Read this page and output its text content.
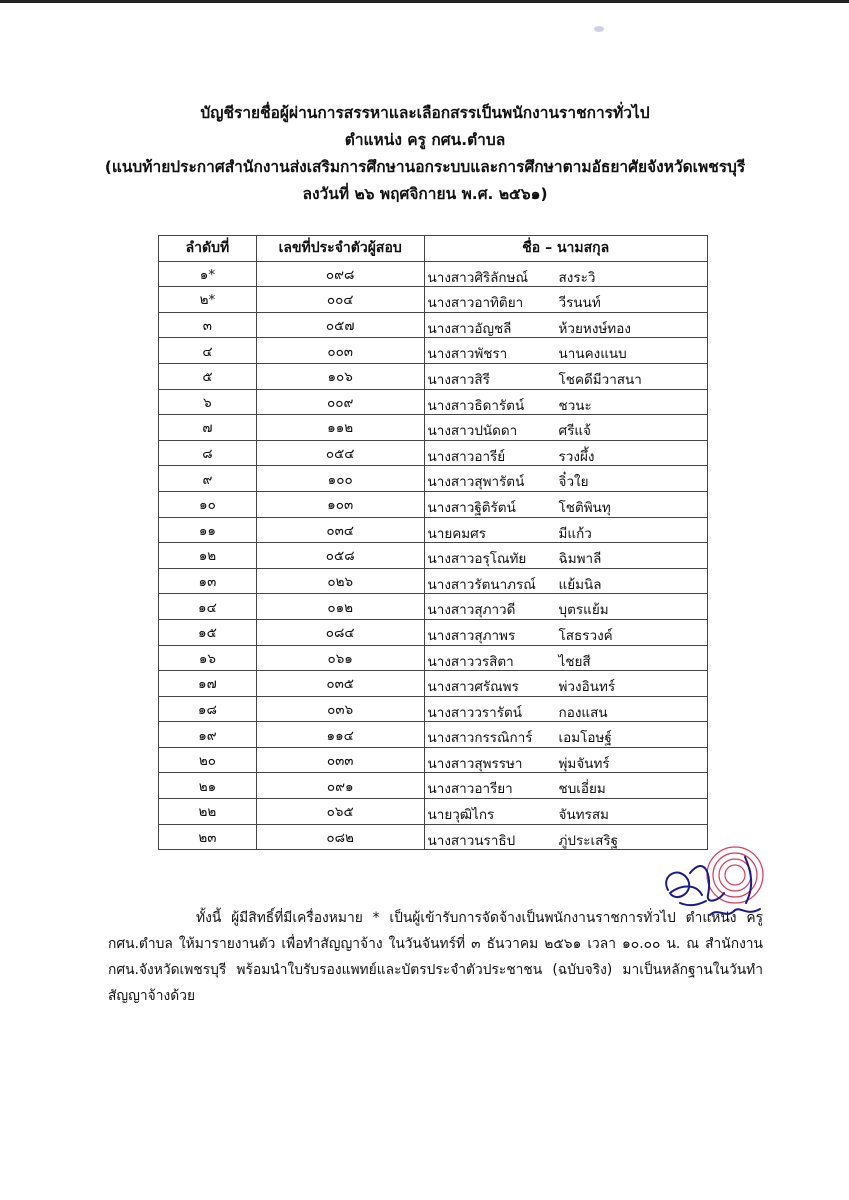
บัญชีรายชื่อผู้ผ่านการสรรหาและเลือกสรรเป็นพนักงานราชการทั่วไป
ตำแหน่ง ครู กศน.ตำบล
(แนบท้ายประกาศสำนักงานส่งเสริมการศึกษานอกระบบและการศึกษาตามอัธยาศัยจังหวัดเพชรบุรี
ลงวันที่ ๒๖ พฤศจิกายน พ.ศ. ๒๕๖๑)
ลำดับที่	เลขที่ประจำตัวผู้สอบ	ชื่อ – นามสกุล
๑*	๐๙๘	นางสาวศิริลักษณ์ สงระวิ

๒*	๐๐๔	นางสาวอาทิติยา วีรนนท์

๓	๐๕๗	นางสาวอัญชลี ห้วยหงษ์ทอง

๔	๐๐๓	นางสาวพัชรา นานคงแนบ

๕	๑๐๖	นางสาวสิรี โชคดีมีวาสนา

๖	๐๐๙	นางสาวธิดารัตน์ ชวนะ

๗	๑๑๒	นางสาวปนัดดา ศรีแจ้

๘	๐๕๔	นางสาวอารีย์ รวงผึ้ง

๙	๑๐๐	นางสาวสุพารัตน์ จิ๋วใย

๑๐	๑๐๓	นางสาวฐิติรัตน์ โชติพินทุ

๑๑	๐๓๔	นายคมศร มีแก้ว

๑๒	๐๕๘	นางสาวอรุโณทัย ฉิมพาลี

๑๓	๐๒๖	นางสาวรัตนาภรณ์ แย้มนิล

๑๔	๐๑๒	นางสาวสุภาวดี บุตรแย้ม

๑๕	๐๘๔	นางสาวสุภาพร โสธรวงค์

๑๖	๐๖๑	นางสาววรสิตา ไชยสี

๑๗	๐๓๕	นางสาวศรัณพร พ่วงอินทร์

๑๘	๐๓๖	นางสาววรารัตน์ กองแสน

๑๙	๑๑๔	นางสาวกรรณิการ์ เอมโอษฐ์

๒๐	๐๓๓	นางสาวสุพรรษา พุ่มจันทร์

๒๑	๐๙๑	นางสาวอารียา ชบเอี่ยม

๒๒	๐๖๕	นายวุฒิไกร จันทรสม

๒๓	๐๘๒	นางสาวนราธิป ภู่ประเสริฐ
ทั้งนี้ ผู้มีสิทธิ์ที่มีเครื่องหมาย * เป็นผู้เข้ารับการจัดจ้างเป็นพนักงานราชการทั่วไป ตำแหน่ง ครู กศน.ตำบล ให้มารายงานตัว เพื่อทำสัญญาจ้าง ในวันจันทร์ที่ ๓ ธันวาคม ๒๕๖๑ เวลา ๑๐.๐๐ น. ณ สำนักงาน กศน.จังหวัดเพชรบุรี พร้อมนำใบรับรองแพทย์และบัตรประจำตัวประชาชน (ฉบับจริง) มาเป็นหลักฐานในวันทำสัญญาจ้างด้วย
